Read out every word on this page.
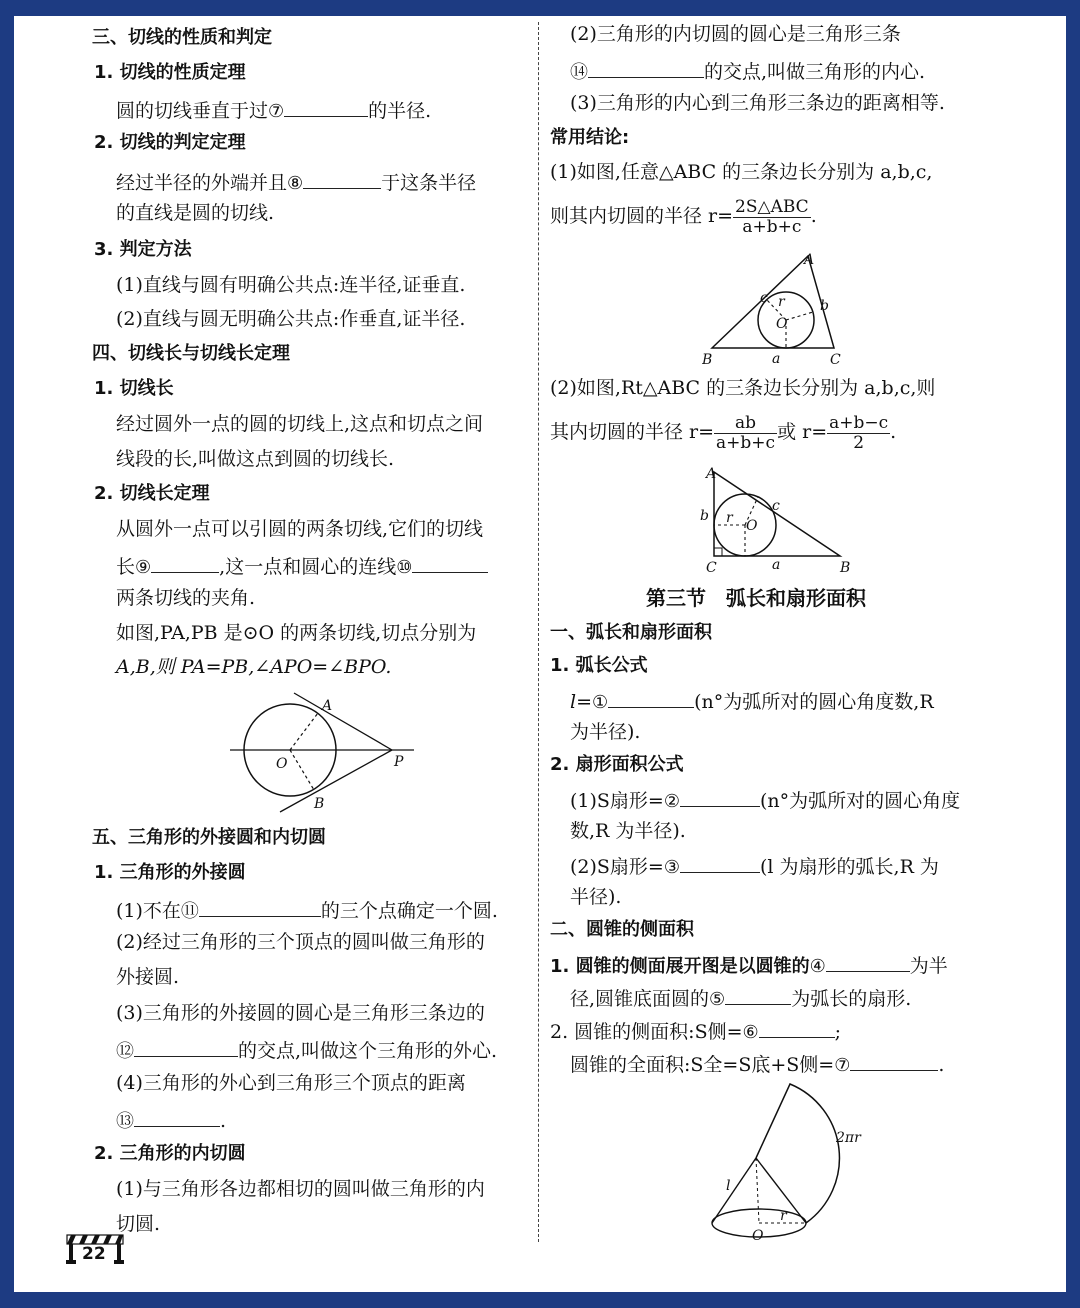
三、切线的性质和判定
1. 切线的性质定理
圆的切线垂直于过⑦	的半径.
2. 切线的判定定理
经过半径的外端并且⑧	于这条半径
的直线是圆的切线.
3. 判定方法
(1)直线与圆有明确公共点:连半径,证垂直.
(2)直线与圆无明确公共点:作垂直,证半径.
四、切线长与切线长定理
1. 切线长
经过圆外一点的圆的切线上,这点和切点之间
线段的长,叫做这点到圆的切线长.
2. 切线长定理
从圆外一点可以引圆的两条切线,它们的切线
长⑨	,这一点和圆心的连线⑩
两条切线的夹角.
如图,PA,PB 是⊙O 的两条切线,切点分别为
A,B,则 PA=PB,∠APO=∠BPO.
A
O	P
B
五、三角形的外接圆和内切圆
1. 三角形的外接圆
(1)不在⑪	的三个点确定一个圆.
(2)经过三角形的三个顶点的圆叫做三角形的
外接圆.
(3)三角形的外接圆的圆心是三角形三条边的
⑫	的交点,叫做这个三角形的外心.
(4)三角形的外心到三角形三个顶点的距离
⑬	.
2. 三角形的内切圆
(1)与三角形各边都相切的圆叫做三角形的内
切圆.
(2)三角形的内切圆的圆心是三角形三条
⑭	的交点,叫做三角形的内心.
(3)三角形的内心到三角形三条边的距离相等.
常用结论:
(1)如图,任意△ABC 的三条边长分别为 a,b,c,
则其内切圆的半径 $r= \frac{\text{2S△ABC}}{a+b+c}$ .
A
B	C
a
b
c
O
r
(2)如图,Rt△ABC 的三条边长分别为 a,b,c,则
其内切圆的半径 $r= \frac{ab}{a+b+c}$ 或 $r= \frac{a+b-c}{2}$ .
A
C	B
a
b
c
O
r
第三节　弧长和扇形面积
一、弧长和扇形面积
1. 弧长公式
l=①	(n°为弧所对的圆心角度数,R
为半径).
2. 扇形面积公式
(1)S扇形=②	(n°为弧所对的圆心角度
数,R 为半径).
(2)S扇形=③	(l 为扇形的弧长,R 为
半径).
二、圆锥的侧面积
1. 圆锥的侧面展开图是以圆锥的④	为半
径,圆锥底面圆的⑤	为弧长的扇形.
2. 圆锥的侧面积:S侧=⑥	;
圆锥的全面积:S全=S底+S侧=⑦	.
2πr
l
r
O
22
